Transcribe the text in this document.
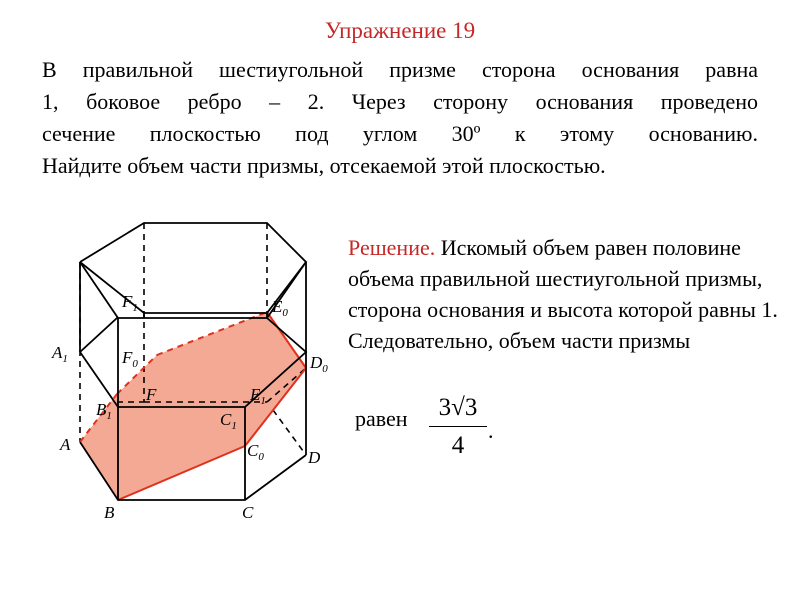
Упражнение 19
В правильной шестиугольной призме сторона основания равна
1, боковое ребро – 2. Через сторону основания проведено
сечение плоскостью под углом 30º к этому основанию.
Найдите объем части призмы, отсекаемой этой плоскостью.
A
B	C
D
$A_1$
$B_1$	$C_1$
$F_1$
$E_1$
F
$F_0$
$E_0$
$D_0$
$C_0$
Решение. Искомый объем равен половине объема правильной шестиугольной призмы, сторона основания и высота которой равны 1. Следовательно, объем части призмы
равен	3√3
4
.
